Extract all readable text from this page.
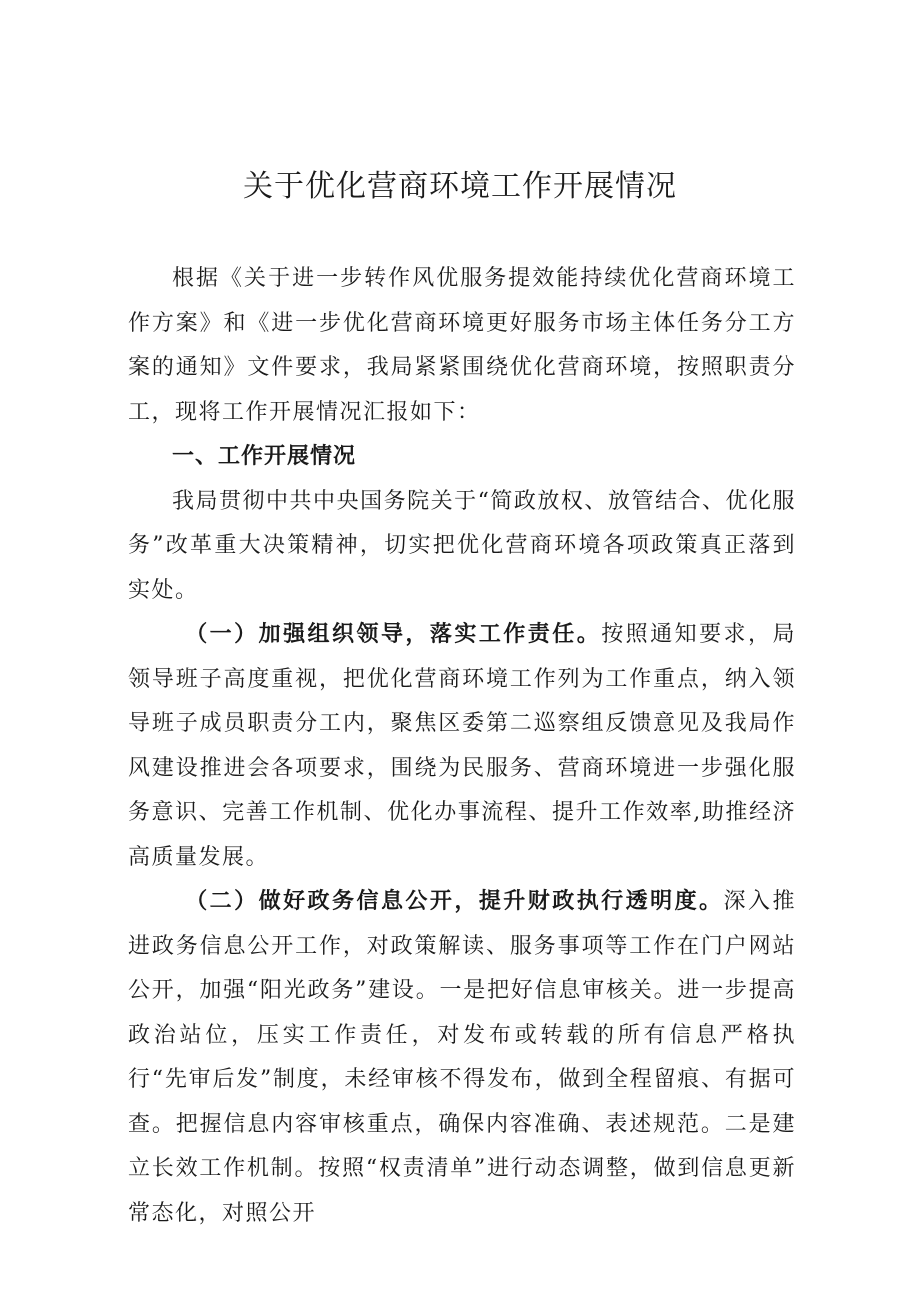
关于优化营商环境工作开展情况

根据《关于进一步转作风优服务提效能持续优化营商环境工作方案》和《进一步优化营商环境更好服务市场主体任务分工方案的通知》文件要求，我局紧紧围绕优化营商环境，按照职责分工，现将工作开展情况汇报如下：

一、工作开展情况

我局贯彻中共中央国务院关于“简政放权、放管结合、优化服务”改革重大决策精神，切实把优化营商环境各项政策真正落到实处。

（一）加强组织领导，落实工作责任。按照通知要求，局领导班子高度重视，把优化营商环境工作列为工作重点，纳入领导班子成员职责分工内，聚焦区委第二巡察组反馈意见及我局作风建设推进会各项要求，围绕为民服务、营商环境进一步强化服务意识、完善工作机制、优化办事流程、提升工作效率,助推经济高质量发展。

（二）做好政务信息公开，提升财政执行透明度。深入推进政务信息公开工作，对政策解读、服务事项等工作在门户网站公开，加强“阳光政务”建设。一是把好信息审核关。进一步提高政治站位，压实工作责任，对发布或转载的所有信息严格执行“先审后发”制度，未经审核不得发布，做到全程留痕、有据可查。把握信息内容审核重点，确保内容准确、表述规范。二是建立长效工作机制。按照“权责清单”进行动态调整，做到信息更新常态化，对照公开
